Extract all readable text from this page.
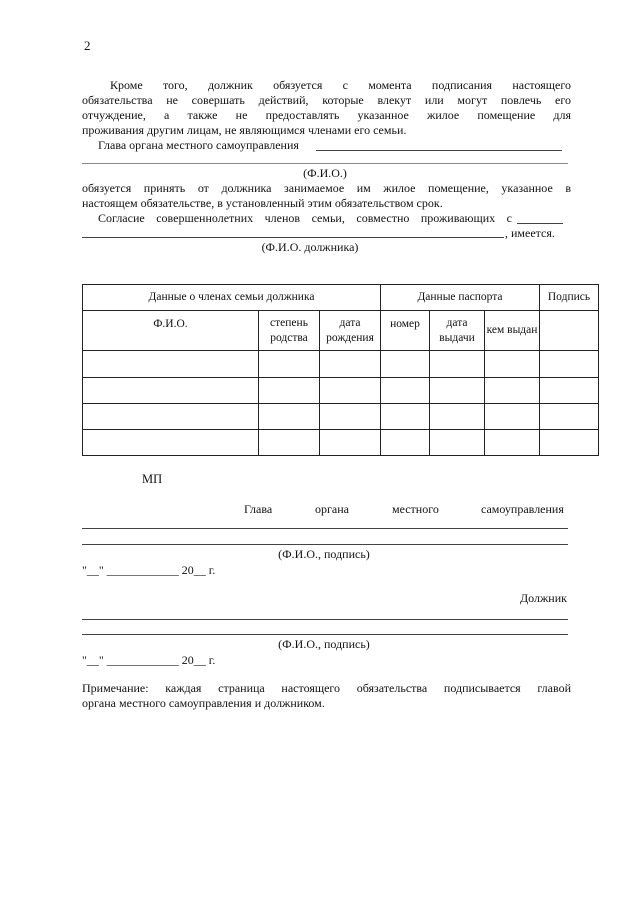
2
Кроме того, должник обязуется с момента подписания настоящего
обязательства не совершать действий, которые влекут или могут повлечь его
отчуждение, а также не предоставлять указанное жилое помещение для
проживания другим лицам, не являющимся членами его семьи.
Глава органа местного самоуправления
(Ф.И.О.)
обязуется принять от должника занимаемое им жилое помещение, указанное в
настоящем обязательстве, в установленный этим обязательством срок.
Согласие совершеннолетних членов семьи, совместно проживающих с
, имеется.
(Ф.И.О. должника)
Данные о членах семьи должника			Данные паспорта			Подпись
Ф.И.О.	степень родства	дата рождения	номер	дата выдачи	кем выдан	

МП
Глава	органа	местного	самоуправления
(Ф.И.О., подпись)
"__" ____________ 20__ г.
Должник
(Ф.И.О., подпись)
"__" ____________ 20__ г.
Примечание: каждая страница настоящего обязательства подписывается главой
органа местного самоуправления и должником.
